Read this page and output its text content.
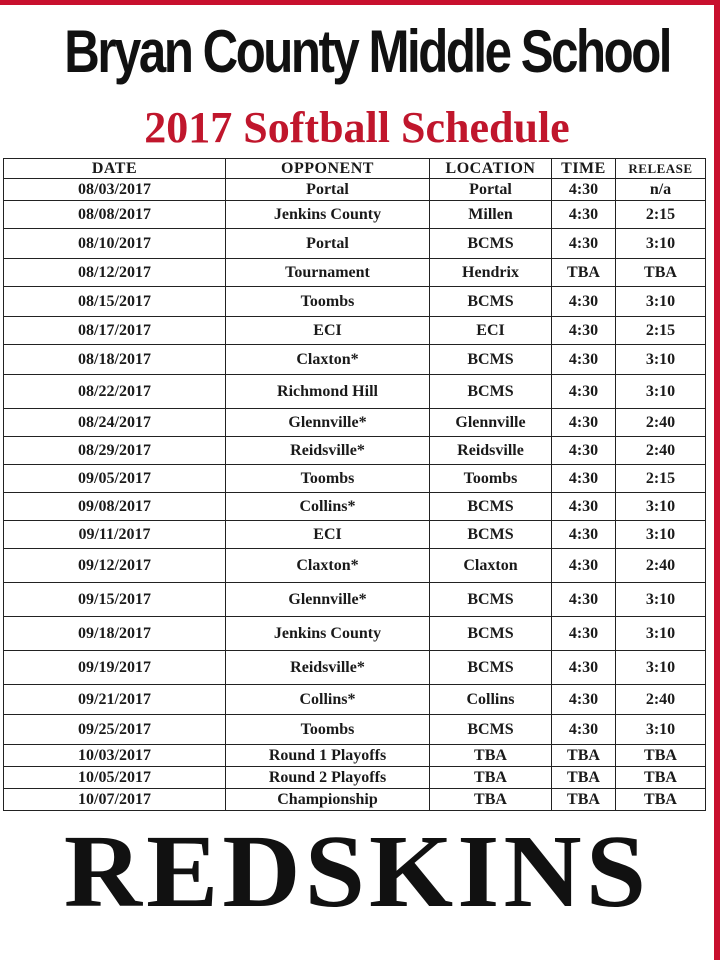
Bryan County Middle School
2017 Softball Schedule
DATE	OPPONENT	LOCATION	TIME	RELEASE
08/03/2017	Portal	Portal	4:30	n/a
08/08/2017	Jenkins County	Millen	4:30	2:15
08/10/2017	Portal	BCMS	4:30	3:10
08/12/2017	Tournament	Hendrix	TBA	TBA
08/15/2017	Toombs	BCMS	4:30	3:10
08/17/2017	ECI	ECI	4:30	2:15
08/18/2017	Claxton*	BCMS	4:30	3:10
08/22/2017	Richmond Hill	BCMS	4:30	3:10
08/24/2017	Glennville*	Glennville	4:30	2:40
08/29/2017	Reidsville*	Reidsville	4:30	2:40
09/05/2017	Toombs	Toombs	4:30	2:15
09/08/2017	Collins*	BCMS	4:30	3:10
09/11/2017	ECI	BCMS	4:30	3:10
09/12/2017	Claxton*	Claxton	4:30	2:40
09/15/2017	Glennville*	BCMS	4:30	3:10
09/18/2017	Jenkins County	BCMS	4:30	3:10
09/19/2017	Reidsville*	BCMS	4:30	3:10
09/21/2017	Collins*	Collins	4:30	2:40
09/25/2017	Toombs	BCMS	4:30	3:10
10/03/2017	Round 1 Playoffs	TBA	TBA	TBA
10/05/2017	Round 2 Playoffs	TBA	TBA	TBA
10/07/2017	Championship	TBA	TBA	TBA
REDSKINS
